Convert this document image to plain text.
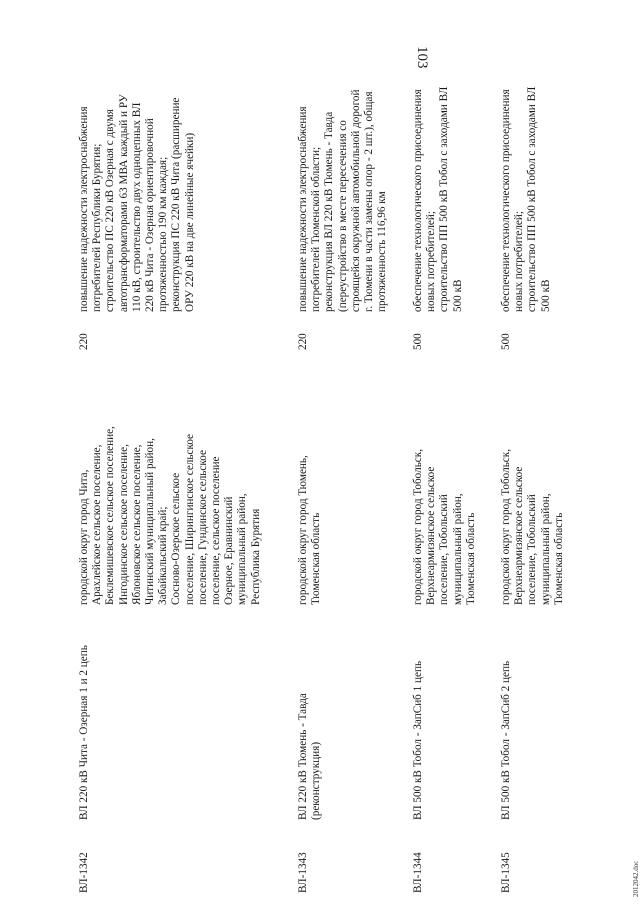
103
ВЛ-1342
ВЛ 220 кВ Чита - Озерная 1 и 2 цепь
городской округ город Чита,
Арахлейское сельское поселение,
Беклемишевское сельское поселение,
Ингодинское сельское поселение,
Яблоновское сельское поселение,
Читинский муниципальный район,
Забайкальский край;
Сосново-Озерское сельское
поселение, Ширингинское сельское
поселение, Гундинское сельское
поселение, сельское поселение
Озерное, Еравнинский
муниципальный район,
Республика Бурятия
220
повышение надежности электроснабжения
потребителей Республики Бурятия;
строительство ПС 220 кВ Озерная с двумя
автотрансформаторами 63 МВА каждый и РУ
110 кВ, строительство двух одноцепных ВЛ
220 кВ Чита - Озерная ориентировочной
протяженностью 190 км каждая;
реконструкция ПС 220 кВ Чита (расширение
ОРУ 220 кВ на две линейные ячейки)
ВЛ-1343
ВЛ 220 кВ Тюмень - Тавда
(реконструкция)
городской округ город Тюмень,
Тюменская область
220
повышение надежности электроснабжения
потребителей Тюменской области;
реконструкция ВЛ 220 кВ Тюмень - Тавда
(переустройство в месте пересечения со
строящейся окружной автомобильной дорогой
г. Тюмени в части замены опор - 2 шт.), общая
протяженность 116,96 км
ВЛ-1344
ВЛ 500 кВ Тобол - ЗапСиб 1 цепь
городской округ город Тобольск,
Верхнеармизянское сельское
поселение, Тобольский
муниципальный район,
Тюменская область
500
обеспечение технологического присоединения
новых потребителей;
строительство ПП 500 кВ Тобол с заходами ВЛ
500 кВ
ВЛ-1345
ВЛ 500 кВ Тобол - ЗапСиб 2 цепь
городской округ город Тобольск,
Верхнеармизянское сельское
поселение, Тобольский
муниципальный район,
Тюменская область
500
обеспечение технологического присоединения
новых потребителей;
строительство ПП 500 кВ Тобол с заходами ВЛ
500 кВ
2012042.doc
